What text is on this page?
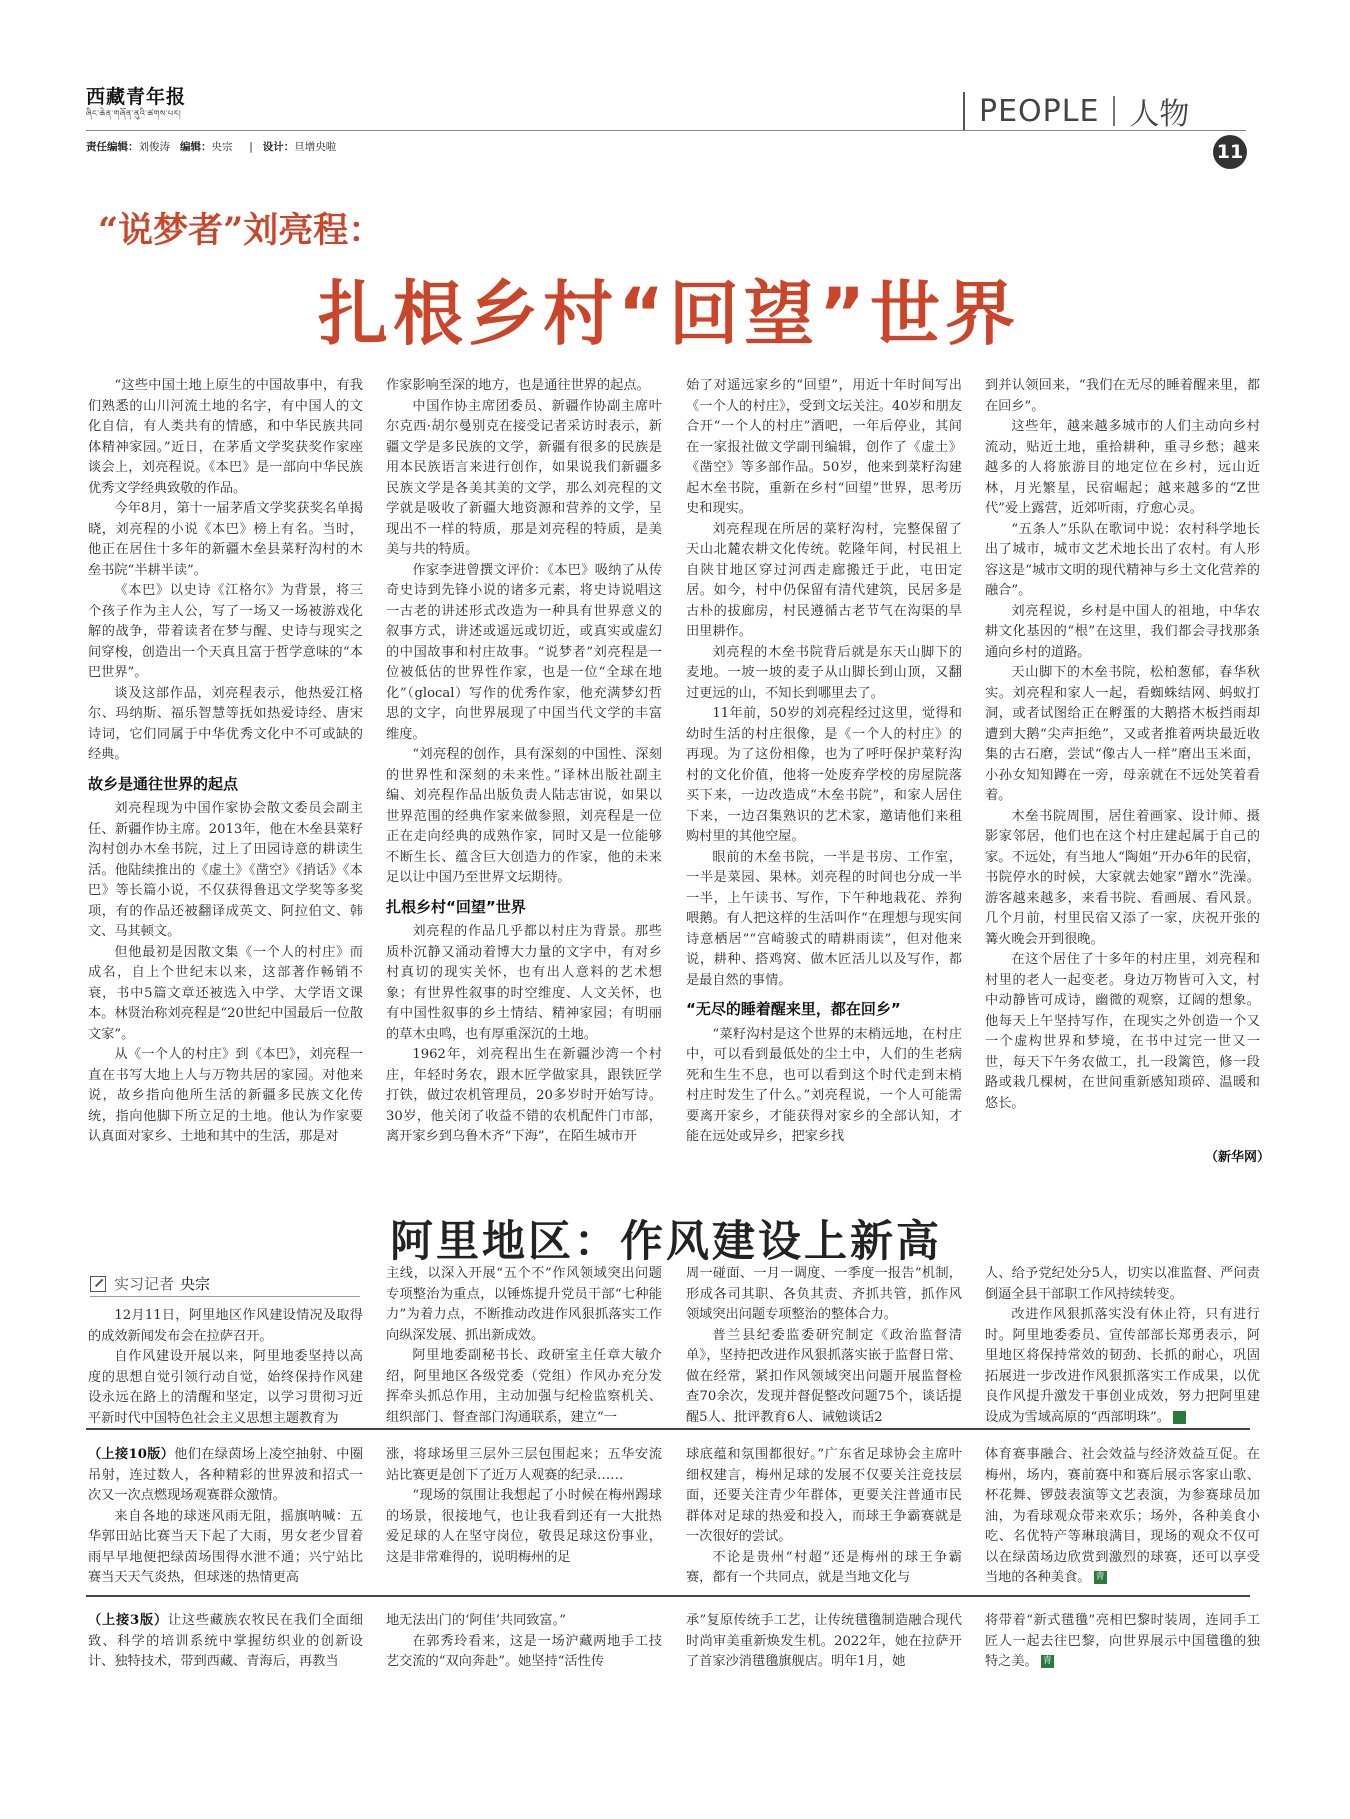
西藏青年报
ཞིང་ཆེན་གཞོན་ནུའི་ཚགས་པར།
责任编辑：刘俊涛 编辑：央宗     |   设计：旦增央啦
PEOPLE 人物
11
“说梦者”刘亮程：
扎根乡村“回望”世界

“这些中国土地上原生的中国故事中，有我们熟悉的山川河流土地的名字，有中国人的文化自信，有人类共有的情感，和中华民族共同体精神家园。”近日，在茅盾文学奖获奖作家座谈会上，刘亮程说。《本巴》是一部向中华民族优秀文学经典致敬的作品。

今年8月，第十一届茅盾文学奖获奖名单揭晓，刘亮程的小说《本巴》榜上有名。当时，他正在居住十多年的新疆木垒县菜籽沟村的木垒书院“半耕半读”。

《本巴》以史诗《江格尔》为背景，将三个孩子作为主人公，写了一场又一场被游戏化解的战争，带着读者在梦与醒、史诗与现实之间穿梭，创造出一个天真且富于哲学意味的“本巴世界”。

谈及这部作品，刘亮程表示，他热爱江格尔、玛纳斯、福乐智慧等抚如热爱诗经、唐宋诗词，它们同属于中华优秀文化中不可或缺的经典。

故乡是通往世界的起点

刘亮程现为中国作家协会散文委员会副主任、新疆作协主席。2013年，他在木垒县菜籽沟村创办木垒书院，过上了田园诗意的耕读生活。他陆续推出的《虚土》《凿空》《捎话》《本巴》等长篇小说，不仅获得鲁迅文学奖等多奖项，有的作品还被翻译成英文、阿拉伯文、韩文、马其顿文。

但他最初是因散文集《一个人的村庄》而成名，自上个世纪末以来，这部著作畅销不衰，书中5篇文章还被选入中学、大学语文课本。林贤治称刘亮程是“20世纪中国最后一位散文家”。

从《一个人的村庄》到《本巴》，刘亮程一直在书写大地上人与万物共居的家园。对他来说，故乡指向他所生活的新疆多民族文化传统，指向他脚下所立足的土地。他认为作家要认真面对家乡、土地和其中的生活，那是对

作家影响至深的地方，也是通往世界的起点。

中国作协主席团委员、新疆作协副主席叶尔克西·胡尔曼别克在接受记者采访时表示，新疆文学是多民族的文学，新疆有很多的民族是用本民族语言来进行创作，如果说我们新疆多民族文学是各美其美的文学，那么刘亮程的文学就是吸收了新疆大地资源和营养的文学，呈现出不一样的特质，那是刘亮程的特质，是美美与共的特质。

作家李进曾撰文评价：《本巴》吸纳了从传奇史诗到先锋小说的诸多元素，将史诗说唱这一古老的讲述形式改造为一种具有世界意义的叙事方式，讲述或遥远或切近，或真实或虚幻的中国故事和村庄故事。“说梦者”刘亮程是一位被低估的世界性作家，也是一位“全球在地化”（glocal）写作的优秀作家，他充满梦幻哲思的文字，向世界展现了中国当代文学的丰富维度。

“刘亮程的创作，具有深刻的中国性、深刻的世界性和深刻的未来性。”译林出版社副主编、刘亮程作品出版负责人陆志宙说，如果以世界范围的经典作家来做参照，刘亮程是一位正在走向经典的成熟作家，同时又是一位能够不断生长、蕴含巨大创造力的作家，他的未来足以让中国乃至世界文坛期待。

扎根乡村“回望”世界

刘亮程的作品几乎都以村庄为背景。那些质朴沉静又涌动着博大力量的文字中，有对乡村真切的现实关怀，也有出人意料的艺术想象；有世界性叙事的时空维度、人文关怀，也有中国性叙事的乡土情结、精神家园；有明丽的草木虫鸣，也有厚重深沉的土地。

1962年，刘亮程出生在新疆沙湾一个村庄，年轻时务农，跟木匠学做家具，跟铁匠学打铁，做过农机管理员，20多岁时开始写诗。30岁，他关闭了收益不错的农机配件门市部，离开家乡到乌鲁木齐“下海”，在陌生城市开

始了对遥远家乡的“回望”，用近十年时间写出《一个人的村庄》，受到文坛关注。40岁和朋友合开“一个人的村庄”酒吧，一年后停业，其间在一家报社做文学副刊编辑，创作了《虚土》《凿空》等多部作品。50岁，他来到菜籽沟建起木垒书院，重新在乡村“回望”世界，思考历史和现实。

刘亮程现在所居的菜籽沟村，完整保留了天山北麓农耕文化传统。乾隆年间，村民祖上自陕甘地区穿过河西走廊搬迁于此，屯田定居。如今，村中仍保留有清代建筑，民居多是古朴的拔廊房，村民遵循古老节气在沟渠的旱田里耕作。

刘亮程的木垒书院背后就是东天山脚下的麦地。一坡一坡的麦子从山脚长到山顶，又翻过更远的山，不知长到哪里去了。

11年前，50岁的刘亮程经过这里，觉得和幼时生活的村庄很像，是《一个人的村庄》的再现。为了这份相像，也为了呼吁保护菜籽沟村的文化价值，他将一处废弃学校的房屋院落买下来，一边改造成“木垒书院”，和家人居住下来，一边召集熟识的艺术家，邀请他们来租购村里的其他空屋。

眼前的木垒书院，一半是书房、工作室，一半是菜园、果林。刘亮程的时间也分成一半一半，上午读书、写作，下午种地栽花、养狗喂鹅。有人把这样的生活叫作“在理想与现实间诗意栖居”“宫崎骏式的晴耕雨读”，但对他来说，耕种、搭鸡窝、做木匠活儿以及写作，都是最自然的事情。

“无尽的睡着醒来里，都在回乡”

“菜籽沟村是这个世界的末梢远地，在村庄中，可以看到最低处的尘土中，人们的生老病死和生生不息，也可以看到这个时代走到末梢村庄时发生了什么。”刘亮程说，一个人可能需要离开家乡，才能获得对家乡的全部认知，才能在远处或异乡，把家乡找

到并认领回来，“我们在无尽的睡着醒来里，都在回乡”。

这些年，越来越多城市的人们主动向乡村流动，贴近土地，重拾耕种，重寻乡愁；越来越多的人将旅游目的地定位在乡村，远山近林，月光繁星，民宿崛起；越来越多的“Z世代”爱上露营，近郊听雨，疗愈心灵。

“五条人”乐队在歌词中说：农村科学地长出了城市，城市文艺术地长出了农村。有人形容这是“城市文明的现代精神与乡土文化营养的融合”。

刘亮程说，乡村是中国人的祖地，中华农耕文化基因的“根”在这里，我们都会寻找那条通向乡村的道路。

天山脚下的木垒书院，松柏葱郁，春华秋实。刘亮程和家人一起，看蜘蛛结网、蚂蚁打洞，或者试图给正在孵蛋的大鹅搭木板挡雨却遭到大鹅“尖声拒绝”，又或者推着两块最近收集的古石磨，尝试“像古人一样”磨出玉米面，小孙女知知蹲在一旁，母亲就在不远处笑着看着。

木垒书院周围，居住着画家、设计师、摄影家邻居，他们也在这个村庄建起属于自己的家。不远处，有当地人“陶姐”开办6年的民宿，书院停水的时候，大家就去她家“蹭水”洗澡。游客越来越多，来看书院、看画展、看风景。几个月前，村里民宿又添了一家，庆祝开张的篝火晚会开到很晚。

在这个居住了十多年的村庄里，刘亮程和村里的老人一起变老。身边万物皆可入文，村中动静皆可成诗，幽微的观察，辽阔的想象。他每天上午坚持写作，在现实之外创造一个又一个虚构世界和梦境，在书中过完一世又一世，每天下午务农做工，扎一段篱笆，修一段路或栽几棵树，在世间重新感知琐碎、温暖和悠长。

（新华网）
阿里地区：作风建设上新高
实习记者 央宗

12月11日，阿里地区作风建设情况及取得的成效新闻发布会在拉萨召开。

自作风建设开展以来，阿里地委坚持以高度的思想自觉引领行动自觉，始终保持作风建设永远在路上的清醒和坚定，以学习贯彻习近平新时代中国特色社会主义思想主题教育为

主线，以深入开展“五个不”作风领域突出问题专项整治为重点，以锤炼提升党员干部“七种能力”为着力点，不断推动改进作风狠抓落实工作向纵深发展、抓出新成效。

阿里地委副秘书长、政研室主任章大敏介绍，阿里地区各级党委（党组）作风办充分发挥牵头抓总作用，主动加强与纪检监察机关、组织部门、督查部门沟通联系，建立“一

周一碰面、一月一调度、一季度一报告”机制，形成各司其职、各负其责、齐抓共管，抓作风领域突出问题专项整治的整体合力。

普兰县纪委监委研究制定《政治监督清单》，坚持把改进作风狠抓落实嵌于监督日常、做在经常，紧扣作风领域突出问题开展监督检查70余次，发现并督促整改问题75个，谈话提醒5人、批评教育6人、诫勉谈话2

人、给予党纪处分5人，切实以准监督、严问责倒逼全县干部职工作风持续转变。

改进作风狠抓落实没有休止符，只有进行时。阿里地委委员、宣传部部长郑勇表示，阿里地区将保持常效的韧劲、长抓的耐心，巩固拓展进一步改进作风狠抓落实工作成果，以优良作风提升激发干事创业成效，努力把阿里建设成为雪域高原的“西部明珠”。	青

（上接10版）他们在绿茵场上凌空抽射、中圈吊射，连过数人，各种精彩的世界波和招式一次又一次点燃现场观赛群众激情。

来自各地的球迷风雨无阻，摇旗呐喊：五华郭田站比赛当天下起了大雨，男女老少冒着雨早早地便把绿茵场围得水泄不通；兴宁站比赛当天天气炎热，但球迷的热情更高

涨，将球场里三层外三层包围起来；五华安流站比赛更是创下了近万人观赛的纪录……

“现场的氛围让我想起了小时候在梅州踢球的场景，很接地气，也让我看到还有一大批热爱足球的人在坚守岗位，敬畏足球这份事业，这是非常难得的，说明梅州的足

球底蕴和氛围都很好。”广东省足球协会主席叶细权建言，梅州足球的发展不仅要关注竞技层面，还要关注青少年群体，更要关注普通市民群体对足球的热爱和投入，而球王争霸赛就是一次很好的尝试。

不论是贵州“村超”还是梅州的球王争霸赛，都有一个共同点，就是当地文化与

体育赛事融合、社会效益与经济效益互促。在梅州，场内，赛前赛中和赛后展示客家山歌、杯花舞、锣鼓表演等文艺表演，为参赛球员加油，为看球观众带来欢乐；场外，各种美食小吃、名优特产等琳琅满目，现场的观众不仅可以在绿茵场边欣赏到激烈的球赛，还可以享受当地的各种美食。 青

（上接3版）让这些藏族农牧民在我们全面细致、科学的培训系统中掌握纺织业的创新设计、独特技术，带到西藏、青海后，再教当

地无法出门的‘阿佳’共同致富。”

在郭秀玲看来，这是一场沪藏两地手工技艺交流的“双向奔赴”。她坚持“活性传

承”复原传统手工艺，让传统氆氇制造融合现代时尚审美重新焕发生机。2022年，她在拉萨开了首家沙消氆氇旗舰店。明年1月，她

将带着“新式氆氇”亮相巴黎时装周，连同手工匠人一起去往巴黎，向世界展示中国氆氇的独特之美。 青
